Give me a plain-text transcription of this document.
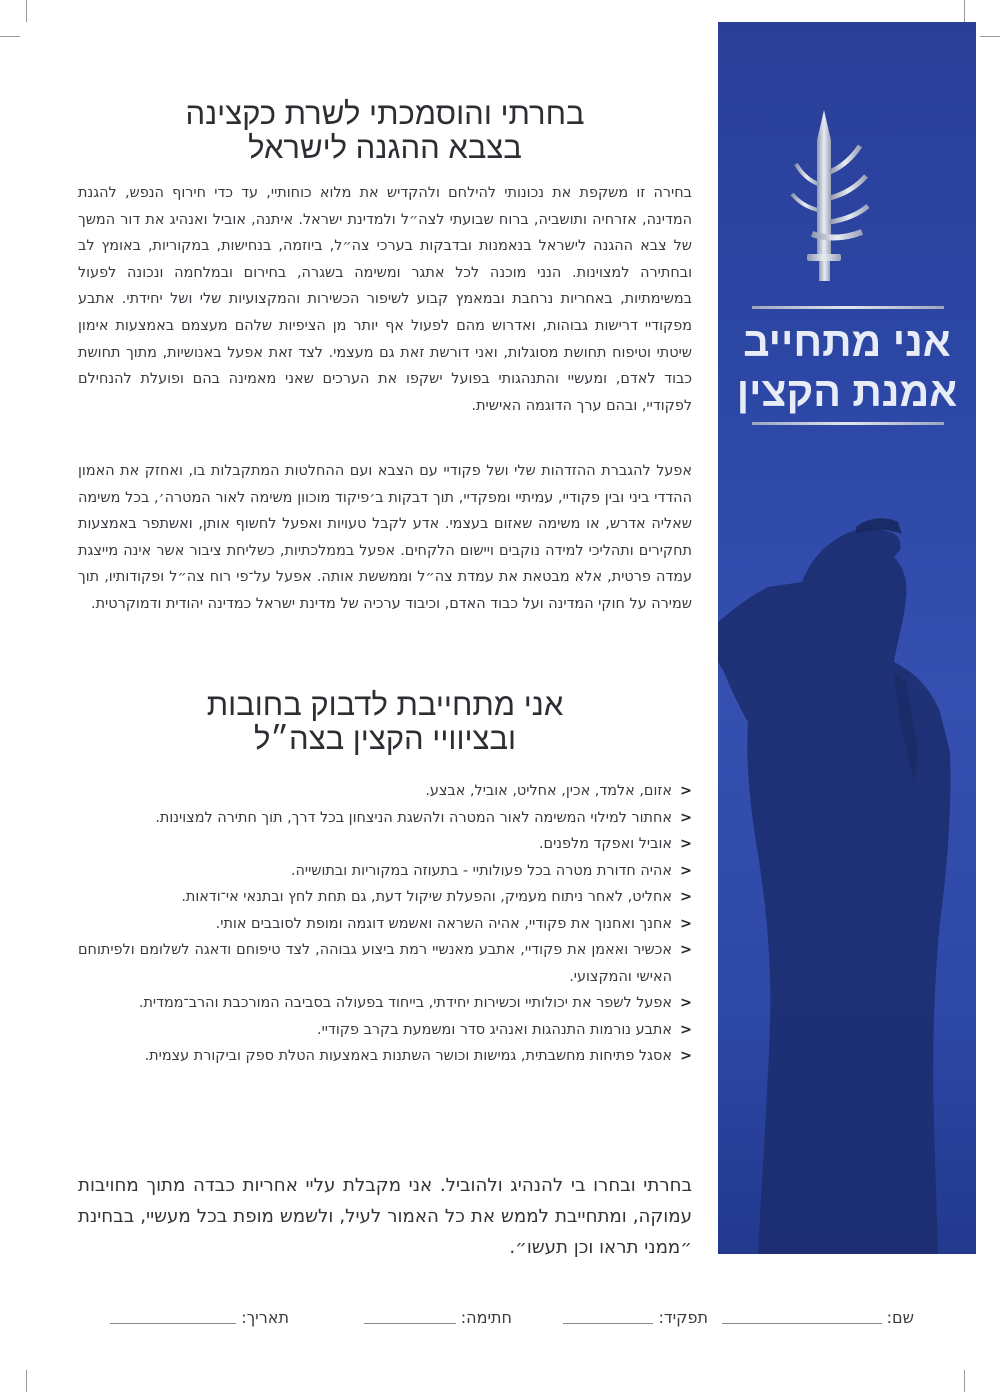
אני מתחייב
אמנת הקצין
בחרתי והוסמכתי לשרת כקצינה
בצבא ההגנה לישראל

בחירה זו משקפת את נכונותי להילחם ולהקדיש את מלוא כוחותיי, עד כדי חירוף הנפש, להגנת המדינה, אזרחיה ותושביה, ברוח שבועתי לצה״ל ולמדינת ישראל. איתנה, אוביל ואנהיג את דור המשך של צבא ההגנה לישראל בנאמנות ובדבקות בערכי צה״ל, ביוזמה, בנחישות, במקוריות, באומץ לב ובחתירה למצוינות. הנני מוכנה לכל אתגר ומשימה בשגרה, בחירום ובמלחמה ונכונה לפעול במשימתיות, באחריות נרחבת ובמאמץ קבוע לשיפור הכשירות והמקצועיות שלי ושל יחידתי. אתבע מפקודיי דרישות גבוהות, ואדרוש מהם לפעול אף יותר מן הציפיות שלהם מעצמם באמצעות אימון שיטתי וטיפוח תחושת מסוגלות, ואני דורשת זאת גם מעצמי. לצד זאת אפעל באנושיות, מתוך תחושת כבוד לאדם, ומעשיי והתנהגותי בפועל ישקפו את הערכים שאני מאמינה בהם ופועלת להנחילם לפקודיי, ובהם ערך הדוגמה האישית.

אפעל להגברת ההזדהות שלי ושל פקודיי עם הצבא ועם ההחלטות המתקבלות בו, ואחזק את האמון ההדדי ביני ובין פקודיי, עמיתיי ומפקדיי, תוך דבקות ב׳פיקוד מוכוון משימה לאור המטרה׳, בכל משימה שאליה אדרש, או משימה שאזום בעצמי. אדע לקבל טעויות ואפעל לחשוף אותן, ואשתפר באמצעות תחקירים ותהליכי למידה נוקבים ויישום הלקחים. אפעל בממלכתיות, כשליחת ציבור אשר אינה מייצגת עמדה פרטית, אלא מבטאת את עמדת צה״ל וממששת אותה. אפעל על־פי רוח צה״ל ופקודותיו, תוך שמירה על חוקי המדינה ועל כבוד האדם, וכיבוד ערכיה של מדינת ישראל כמדינה יהודית ודמוקרטית.

אני מתחייבת לדבוק בחובות
ובציוויי הקצין בצה״ל
<
אזום, אלמד, אכין, אחליט, אוביל, אבצע.
<
אחתור למילוי המשימה לאור המטרה ולהשגת הניצחון בכל דרך, תוך חתירה למצוינות.
<
אוביל ואפקד מלפנים.
<
אהיה חדורת מטרה בכל פעולותיי - בתעוזה במקוריות ובתושייה.
<
אחליט, לאחר ניתוח מעמיק, והפעלת שיקול דעת, גם תחת לחץ ובתנאי אי־ודאות.
<
אחנך ואחנוך את פקודיי, אהיה השראה ואשמש דוגמה ומופת לסובבים אותי.
<
אכשיר ואאמן את פקודיי, אתבע מאנשיי רמת ביצוע גבוהה, לצד טיפוחם ודאגה לשלומם ולפיתוחם האישי והמקצועי.
<
אפעל לשפר את יכולותיי וכשירות יחידתי, בייחוד בפעולה בסביבה המורכבת והרב־ממדית.
<
אתבע נורמות התנהגות ואנהיג סדר ומשמעת בקרב פקודיי.
<
אסגל פתיחות מחשבתית, גמישות וכושר השתנות באמצעות הטלת ספק וביקורת עצמית.

בחרתי ובחרו בי להנהיג ולהוביל. אני מקבלת עליי אחריות כבדה מתוך מחויבות עמוקה, ומתחייבת לממש את כל האמור לעיל, ולשמש מופת בכל מעשיי, בבחינת ״ממני תראו וכן תעשו״.

שם:
תפקיד:
חתימה:
תאריך:
